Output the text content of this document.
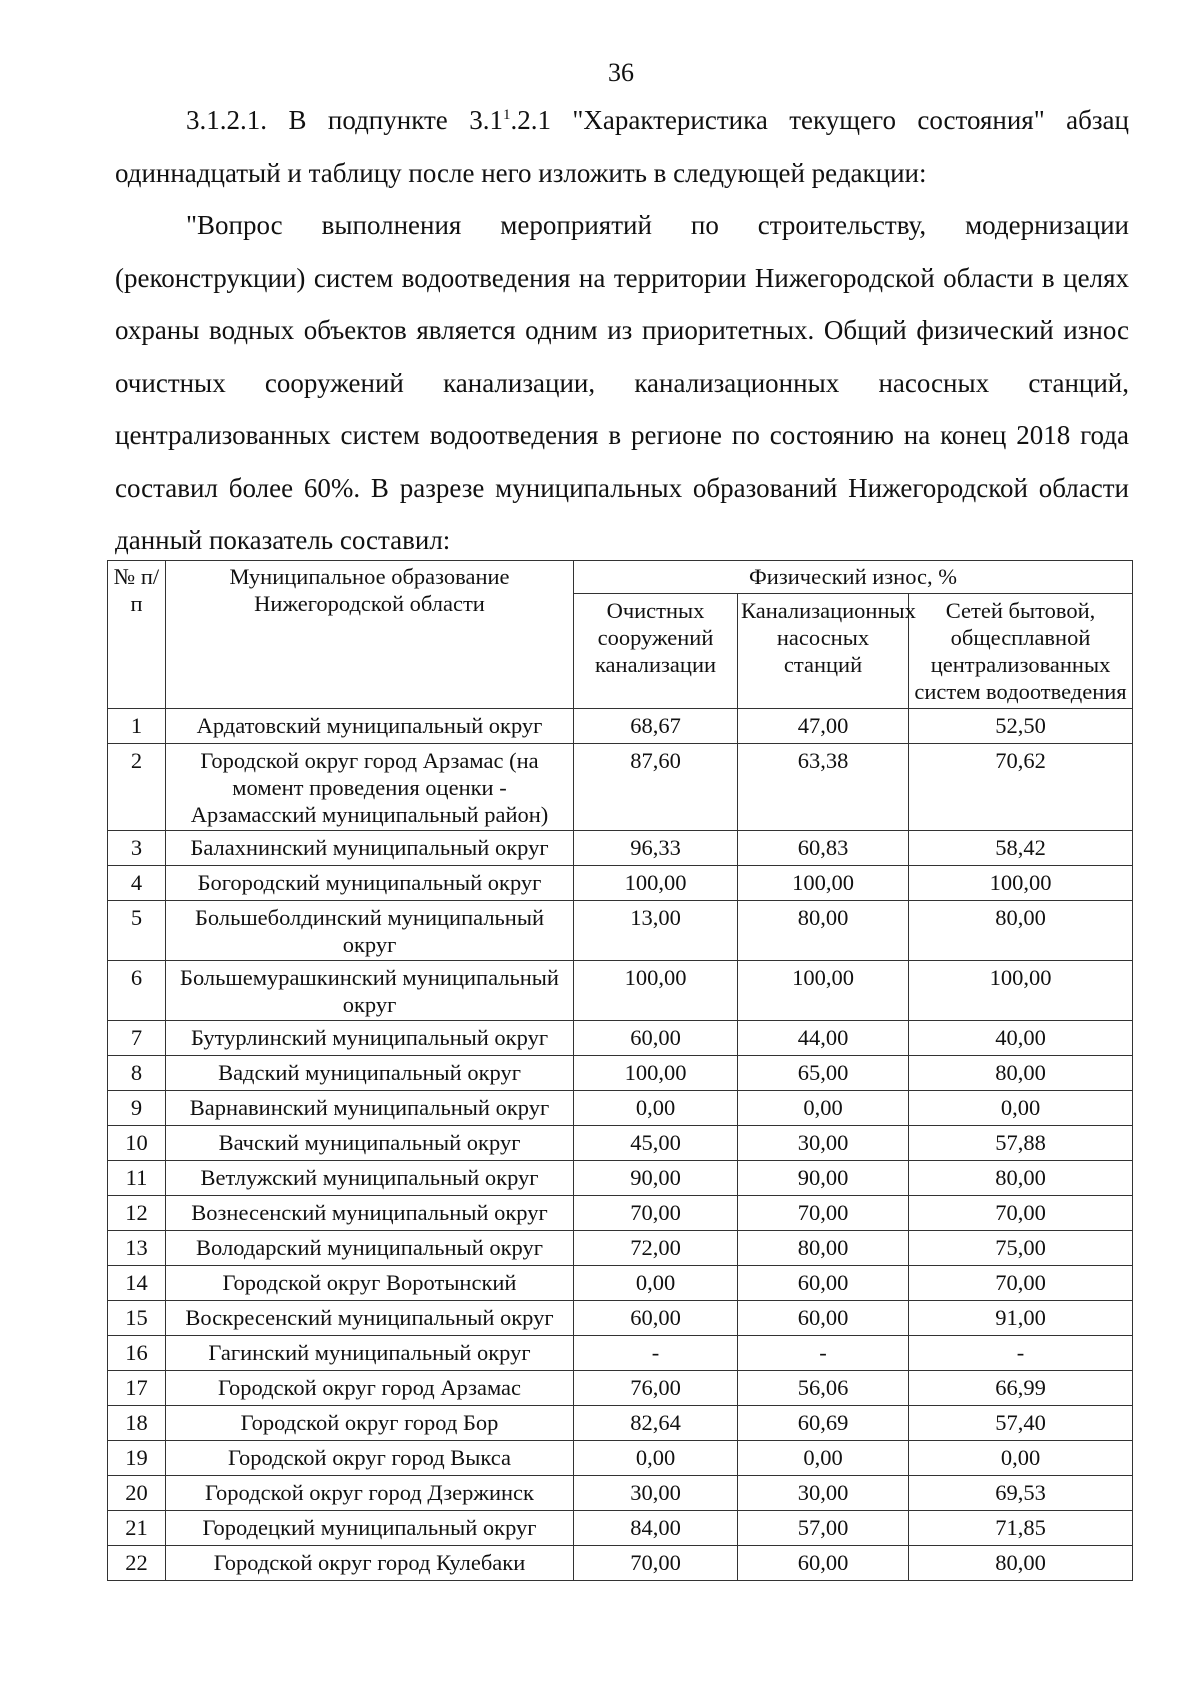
36

3.1.2.1. В подпункте $3.1^1.2.1$ "Характеристика текущего состояния" абзац одиннадцатый и таблицу после него изложить в следующей редакции:

"Вопрос выполнения мероприятий по строительству, модернизации (реконструкции) систем водоотведения на территории Нижегородской области в целях охраны водных объектов является одним из приоритетных. Общий физический износ очистных сооружений канализации, канализационных насосных станций, централизованных систем водоотведения в регионе по состоянию на конец 2018 года составил более 60%. В разрезе муниципальных образований Нижегородской области данный показатель составил:

№ п/п	Муниципальное образование Нижегородской области	Физический износ, %		
		Очистных сооружений канализации	Канализационных насосных станций	Сетей бытовой, общесплавной централизованных систем водоотведения
1	Ардатовский муниципальный округ	68,67	47,00	52,50
2	Городской округ город Арзамас (на момент проведения оценки - Арзамасский муниципальный район)	87,60	63,38	70,62
3	Балахнинский муниципальный округ	96,33	60,83	58,42
4	Богородский муниципальный округ	100,00	100,00	100,00
5	Большеболдинский муниципальный округ	13,00	80,00	80,00
6	Большемурашкинский муниципальный округ	100,00	100,00	100,00
7	Бутурлинский муниципальный округ	60,00	44,00	40,00
8	Вадский муниципальный округ	100,00	65,00	80,00
9	Варнавинский муниципальный округ	0,00	0,00	0,00
10	Вачский муниципальный округ	45,00	30,00	57,88
11	Ветлужский муниципальный округ	90,00	90,00	80,00
12	Вознесенский муниципальный округ	70,00	70,00	70,00
13	Володарский муниципальный округ	72,00	80,00	75,00
14	Городской округ Воротынский	0,00	60,00	70,00
15	Воскресенский муниципальный округ	60,00	60,00	91,00
16	Гагинский муниципальный округ	-	-	-
17	Городской округ город Арзамас	76,00	56,06	66,99
18	Городской округ город Бор	82,64	60,69	57,40
19	Городской округ город Выкса	0,00	0,00	0,00
20	Городской округ город Дзержинск	30,00	30,00	69,53
21	Городецкий муниципальный округ	84,00	57,00	71,85
22	Городской округ город Кулебаки	70,00	60,00	80,00
